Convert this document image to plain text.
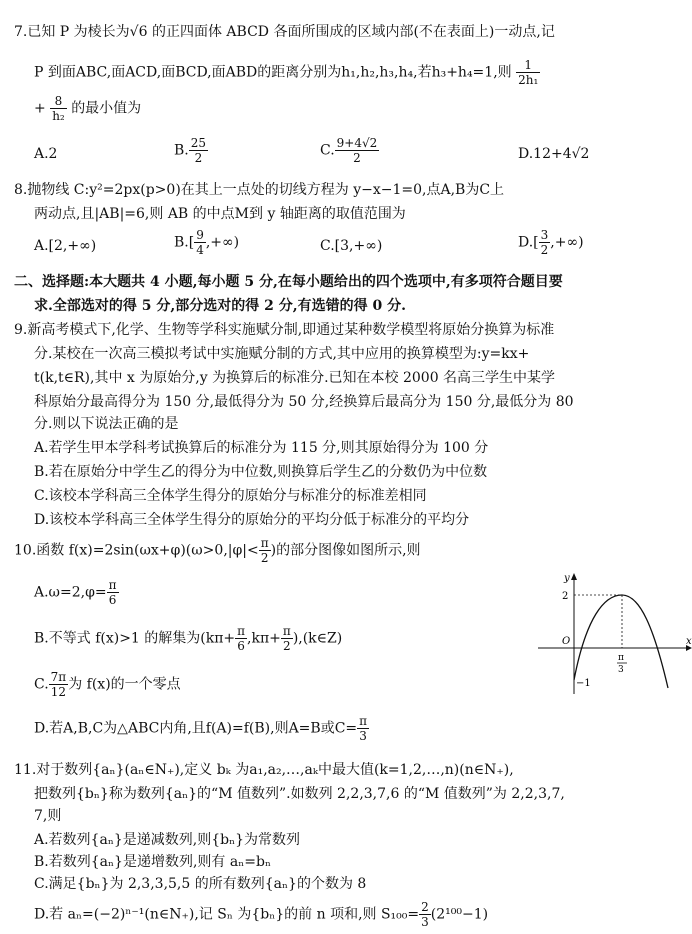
7.已知 P 为棱长为√6 的正四面体 ABCD 各面所围成的区域内部(不在表面上)一动点,记
P 到面ABC,面ACD,面BCD,面ABD的距离分别为h₁,h₂,h₃,h₄,若h₃+h₄=1,则 $\frac{1}{\text{2h₁}}$
+ $\frac{8}{\text{h₂}}$ 的最小值为
A.2	B. $\frac{25}{2}$	C. $\frac{9+4√2}{2}$	D.12+4√2
8.抛物线 C:y²=2px(p>0)在其上一点处的切线方程为 y−x−1=0,点A,B为C上
两动点,且|AB|=6,则 AB 的中点M到 y 轴距离的取值范围为
A.[2,+∞)	$B.[ \frac{9}{4}$ ,+∞)	C.[3,+∞)	$D.[ \frac{3}{2}$ ,+∞)
二、选择题:本大题共 4 小题,每小题 5 分,在每小题给出的四个选项中,有多项符合题目要
求.全部选对的得 5 分,部分选对的得 2 分,有选错的得 0 分.
9.新高考模式下,化学、生物等学科实施赋分制,即通过某种数学模型将原始分换算为标准
分.某校在一次高三模拟考试中实施赋分制的方式,其中应用的换算模型为:y=kx+
t(k,t∈R),其中 x 为原始分,y 为换算后的标准分.已知在本校 2000 名高三学生中某学
科原始分最高得分为 150 分,最低得分为 50 分,经换算后最高分为 150 分,最低分为 80
分.则以下说法正确的是
A.若学生甲本学科考试换算后的标准分为 115 分,则其原始得分为 100 分
B.若在原始分中学生乙的得分为中位数,则换算后学生乙的分数仍为中位数
C.该校本学科高三全体学生得分的原始分与标准分的标准差相同
D.该校本学科高三全体学生得分的原始分的平均分低于标准分的平均分
10.函数 $f(x)=2\sin(\omega x+\varphi)(\omega>0,|\varphi|< \frac{\pi}{2}$ )的部分图像如图所示,则
$A.\omega=2,\varphi= \frac{\pi}{6}$
B.不等式 f(x)>1 的解集为($k\pi+ \frac{\pi}{6} ,k\pi+ \frac{\pi}{2}$ ),(k∈Z)
C. $\frac{7\pi}{12}$ 为 f(x)的一个零点
D.若A,B,C为△ABC内角,且f(A)=f(B),则A=B或$C= \frac{\pi}{3}$
y
x
O
2
−1
π
3
11.对于数列{aₙ}(aₙ∈N₊),定义 bₖ 为a₁,a₂,…,aₖ中最大值(k=1,2,…,n)(n∈N₊),
把数列{bₙ}称为数列{aₙ}的“M 值数列”.如数列 2,2,3,7,6 的“M 值数列”为 2,2,3,7,
7,则
A.若数列{aₙ}是递减数列,则{bₙ}为常数列
B.若数列{aₙ}是递增数列,则有 aₙ=bₙ
C.满足{bₙ}为 2,3,3,5,5 的所有数列{aₙ}的个数为 8
D.若 aₙ=(−2)ⁿ⁻¹(n∈N₊),记 Sₙ 为{bₙ}的前 n 项和,则 $S_{100}= \frac{2}{3} (2^{100}-1)$
